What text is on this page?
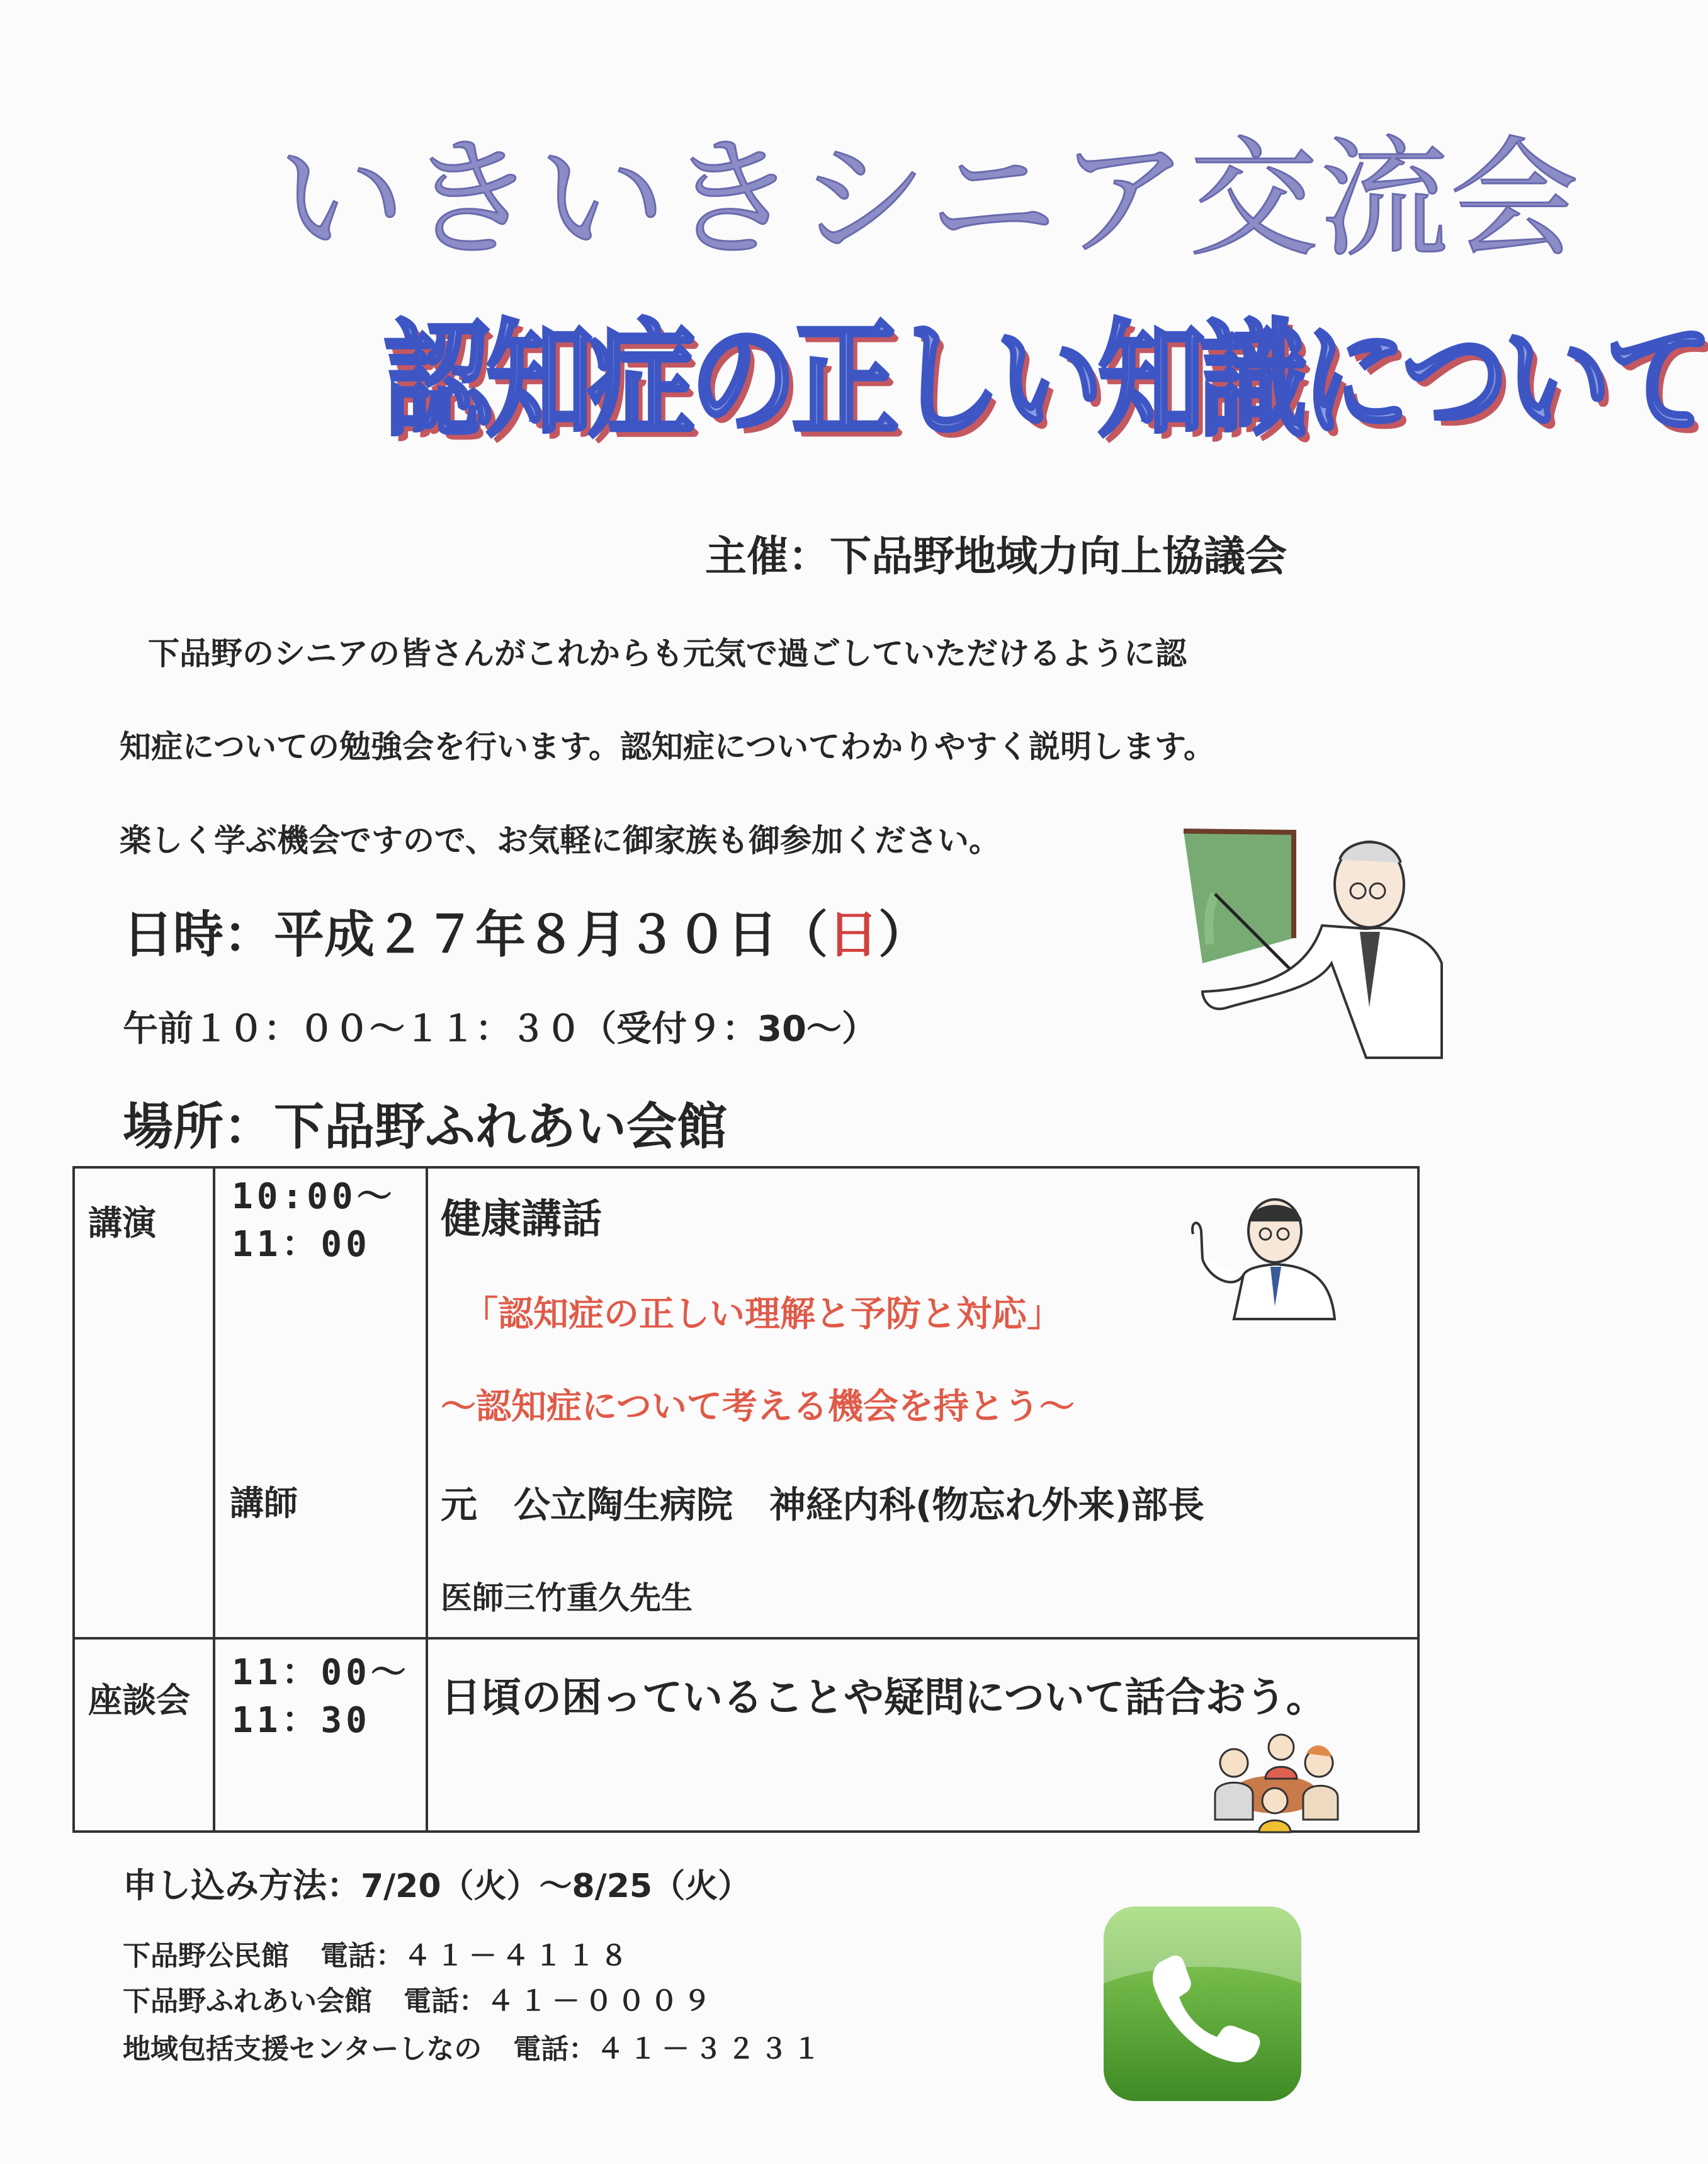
いきいきシニア交流会
認知症の正しい知識について
主催：下品野地域力向上協議会
下品野のシニアの皆さんがこれからも元気で過ごしていただけるように認
知症についての勉強会を行います。認知症についてわかりやすく説明します。
楽しく学ぶ機会ですので、お気軽に御家族も御参加ください。
日時：平成２７年８月３０日（日）
午前１０：００～１１：３０（受付９：30～）
場所：下品野ふれあい会館
講演
10:00～
11：00
健康講話
「認知症の正しい理解と予防と対応」
～認知症について考える機会を持とう～
講師	元　公立陶生病院　神経内科(物忘れ外来)部長
医師三竹重久先生
座談会
11：00～
11：30 日頃の困っていることや疑問について話合おう。
申し込み方法：7/20（火）～8/25（火）
下品野公民館 電話：４１－４１１８
下品野ふれあい会館 電話：４１－０００９
地域包括支援センターしなの 電話：４１－３２３１
